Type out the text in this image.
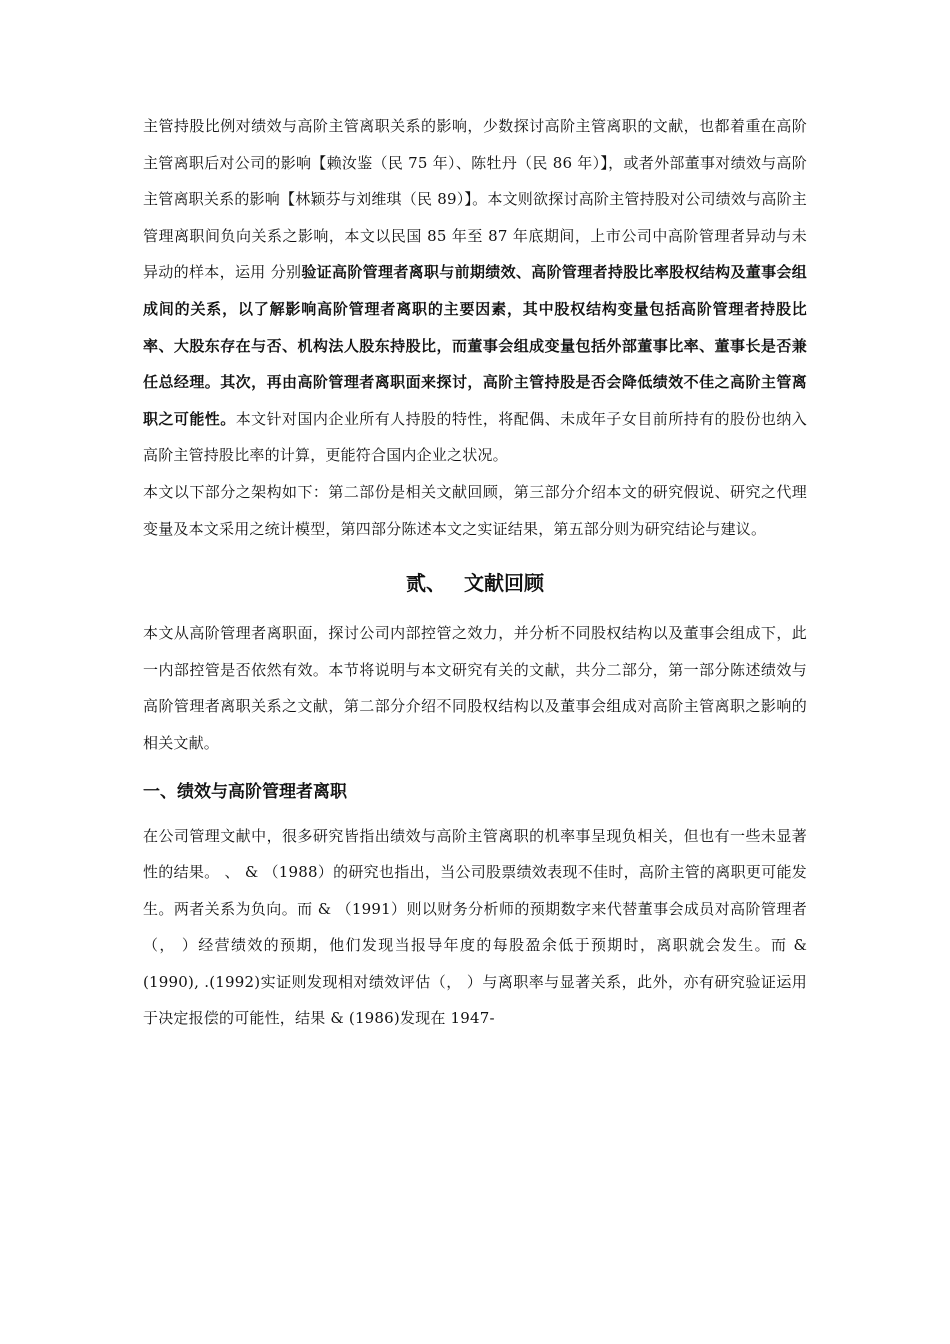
主管持股比例对绩效与高阶主管离职关系的影响，少数探讨高阶主管离职的文献，也都着重在高阶主管离职后对公司的影响【赖汝鉴（民 75 年）、陈牡丹（民 86 年）】，或者外部董事对绩效与高阶主管离职关系的影响【林颖芬与刘维琪（民 89）】。本文则欲探讨高阶主管持股对公司绩效与高阶主管理离职间负向关系之影响，本文以民国 85 年至 87 年底期间，上市公司中高阶管理者异动与未异动的样本，运用 分别验证高阶管理者离职与前期绩效、高阶管理者持股比率股权结构及董事会组成间的关系，以了解影响高阶管理者离职的主要因素，其中股权结构变量包括高阶管理者持股比率、大股东存在与否、机构法人股东持股比，而董事会组成变量包括外部董事比率、董事长是否兼任总经理。其次，再由高阶管理者离职面来探讨，高阶主管持股是否会降低绩效不佳之高阶主管离职之可能性。本文针对国内企业所有人持股的特性，将配偶、未成年子女目前所持有的股份也纳入高阶主管持股比率的计算，更能符合国内企业之状况。

本文以下部分之架构如下：第二部份是相关文献回顾，第三部分介绍本文的研究假说、研究之代理变量及本文采用之统计模型，第四部分陈述本文之实证结果，第五部分则为研究结论与建议。

贰、 文献回顾

本文从高阶管理者离职面，探讨公司内部控管之效力，并分析不同股权结构以及董事会组成下，此一内部控管是否依然有效。本节将说明与本文研究有关的文献，共分二部分，第一部分陈述绩效与高阶管理者离职关系之文献，第二部分介绍不同股权结构以及董事会组成对高阶主管离职之影响的相关文献。

一、绩效与高阶管理者离职

在公司管理文献中，很多研究皆指出绩效与高阶主管离职的机率事呈现负相关，但也有一些未显著性的结果。 、 & （1988）的研究也指出，当公司股票绩效表现不佳时，高阶主管的离职更可能发生。两者关系为负向。而 & （1991）则以财务分析师的预期数字来代替董事会成员对高阶管理者（， ）经营绩效的预期，他们发现当报导年度的每股盈余低于预期时，离职就会发生。而 & (1990), .(1992)实证则发现相对绩效评估（， ）与离职率与显著关系，此外，亦有研究验证运用于决定报偿的可能性，结果 & (1986)发现在 1947-
